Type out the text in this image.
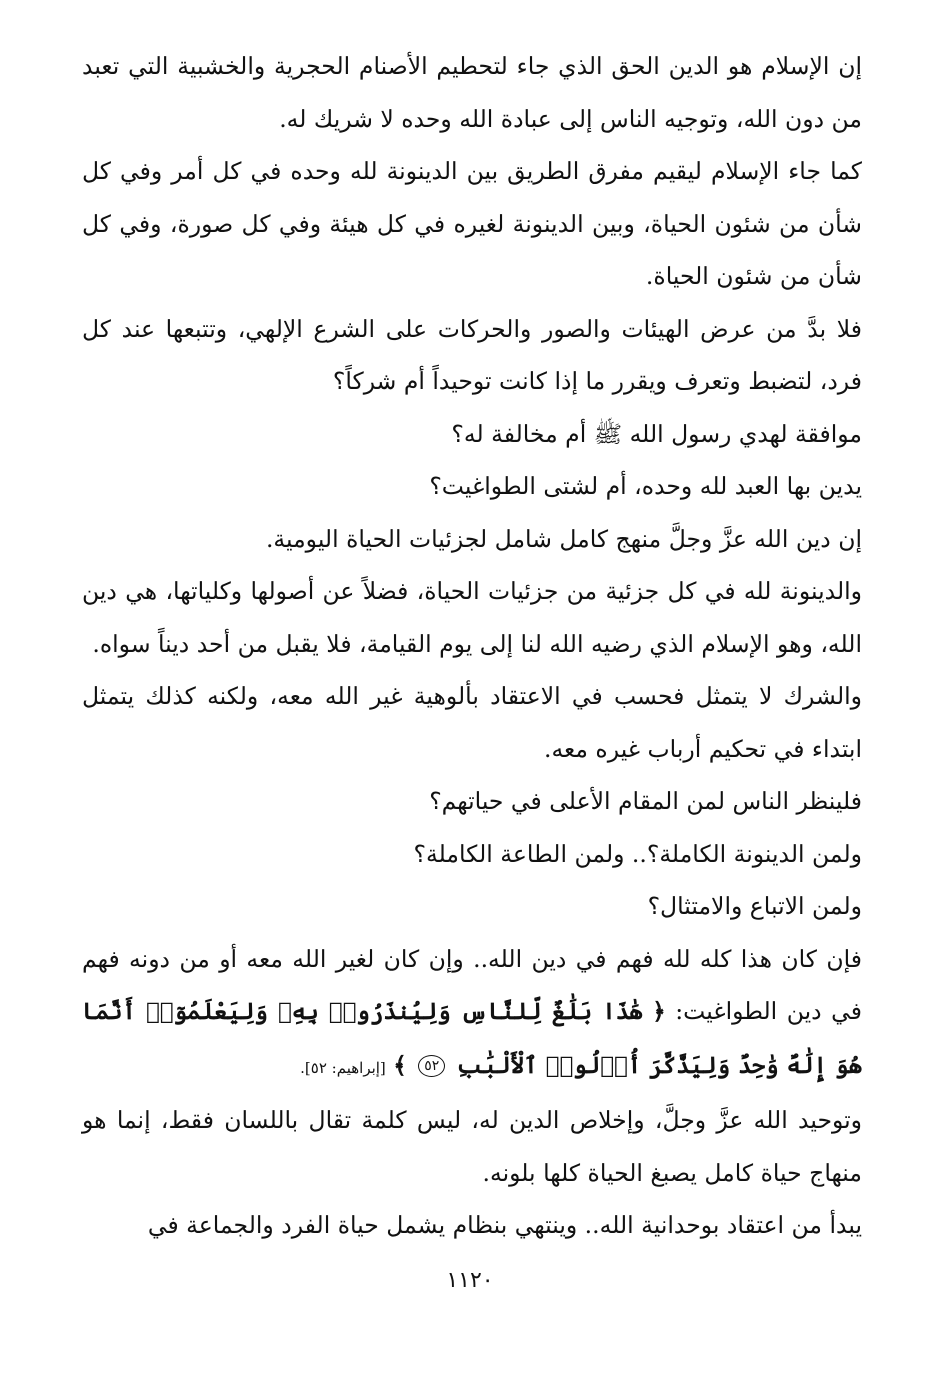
إن الإسلام هو الدين الحق الذي جاء لتحطيم الأصنام الحجرية والخشبية التي تعبد من دون الله، وتوجيه الناس إلى عبادة الله وحده لا شريك له.

كما جاء الإسلام ليقيم مفرق الطريق بين الدينونة لله وحده في كل أمر وفي كل شأن من شئون الحياة، وبين الدينونة لغيره في كل هيئة وفي كل صورة، وفي كل شأن من شئون الحياة.

فلا بدَّ من عرض الهيئات والصور والحركات على الشرع الإلهي، وتتبعها عند كل فرد، لتضبط وتعرف ويقرر ما إذا كانت توحيداً أم شركاً؟

موافقة لهدي رسول الله ﷺ أم مخالفة له؟

يدين بها العبد لله وحده، أم لشتى الطواغيت؟

إن دين الله عزَّ وجلَّ منهج كامل شامل لجزئيات الحياة اليومية.

والدينونة لله في كل جزئية من جزئيات الحياة، فضلاً عن أصولها وكلياتها، هي دين الله، وهو الإسلام الذي رضيه الله لنا إلى يوم القيامة، فلا يقبل من أحد ديناً سواه.

والشرك لا يتمثل فحسب في الاعتقاد بألوهية غير الله معه، ولكنه كذلك يتمثل ابتداء في تحكيم أرباب غيره معه.

فلينظر الناس لمن المقام الأعلى في حياتهم؟

ولمن الدينونة الكاملة؟.. ولمن الطاعة الكاملة؟

ولمن الاتباع والامتثال؟

فإن كان هذا كله لله فهم في دين الله.. وإن كان لغير الله معه أو من دونه فهم في دين الطواغيت: ﴿ هَٰذَا بَلَٰغٌ لِّلنَّاسِ وَلِيُنذَرُوا۟ بِهِۦ وَلِيَعْلَمُوٓا۟ أَنَّمَا هُوَ إِلَٰهٌ وَٰحِدٌ وَلِيَذَّكَّرَ أُو۟لُوا۟ ٱلْأَلْبَٰبِ ٥٢ ﴾ [إبراهيم: ٥٢].

وتوحيد الله عزَّ وجلَّ، وإخلاص الدين له، ليس كلمة تقال باللسان فقط، إنما هو منهاج حياة كامل يصبغ الحياة كلها بلونه.

يبدأ من اعتقاد بوحدانية الله.. وينتهي بنظام يشمل حياة الفرد والجماعة في

١١٢٠
